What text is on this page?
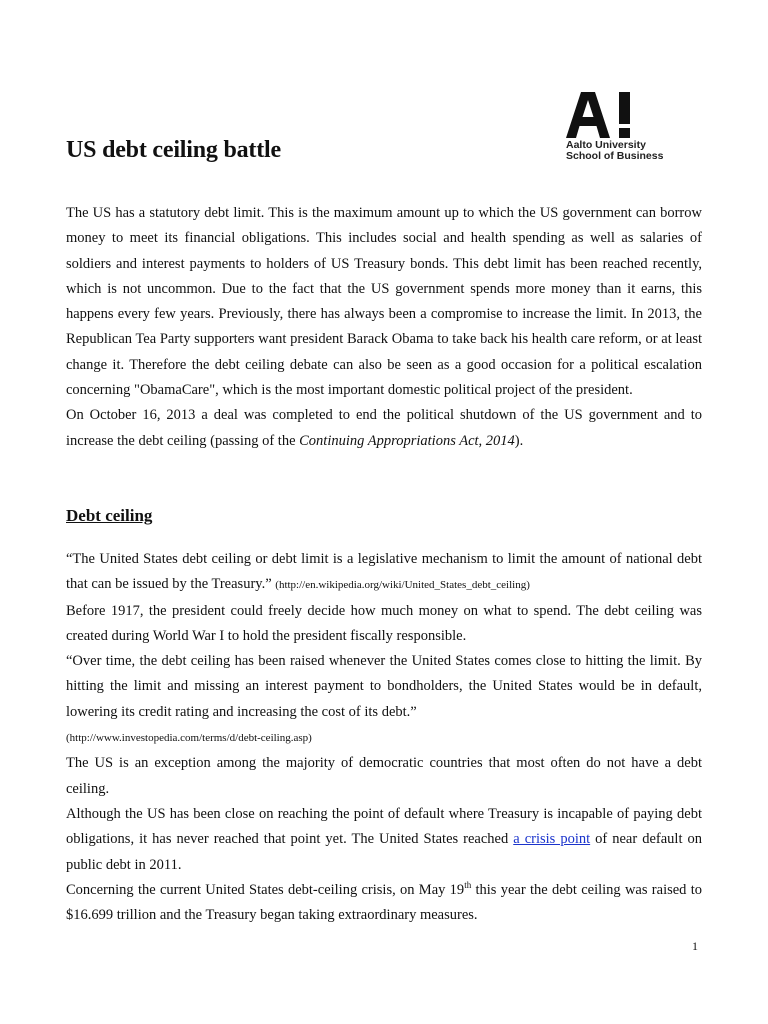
Aalto University
School of Business
US debt ceiling battle

The US has a statutory debt limit. This is the maximum amount up to which the US government can borrow money to meet its financial obligations. This includes social and health spending as well as salaries of soldiers and interest payments to holders of US Treasury bonds. This debt limit has been reached recently, which is not uncommon. Due to the fact that the US government spends more money than it earns, this happens every few years. Previously, there has always been a compromise to increase the limit. In 2013, the Republican Tea Party supporters want president Barack Obama to take back his health care reform, or at least change it. Therefore the debt ceiling debate can also be seen as a good occasion for a political escalation concerning "ObamaCare", which is the most important domestic political project of the president.

On October 16, 2013 a deal was completed to end the political shutdown of the US government and to increase the debt ceiling (passing of the Continuing Appropriations Act, 2014).

Debt ceiling

“The United States debt ceiling or debt limit is a legislative mechanism to limit the amount of national debt that can be issued by the Treasury.” (http://en.wikipedia.org/wiki/United_States_debt_ceiling)

Before 1917, the president could freely decide how much money on what to spend. The debt ceiling was created during World War I to hold the president fiscally responsible.

“Over time, the debt ceiling has been raised whenever the United States comes close to hitting the limit. By hitting the limit and missing an interest payment to bondholders, the United States would be in default, lowering its credit rating and increasing the cost of its debt.”
(http://www.investopedia.com/terms/d/debt-ceiling.asp)

The US is an exception among the majority of democratic countries that most often do not have a debt ceiling.

Although the US has been close on reaching the point of default where Treasury is incapable of paying debt obligations, it has never reached that point yet. The United States reached a crisis point of near default on public debt in 2011.

Concerning the current United States debt-ceiling crisis, on May 19th this year the debt ceiling was raised to $16.699 trillion and the Treasury began taking extraordinary measures.

1
